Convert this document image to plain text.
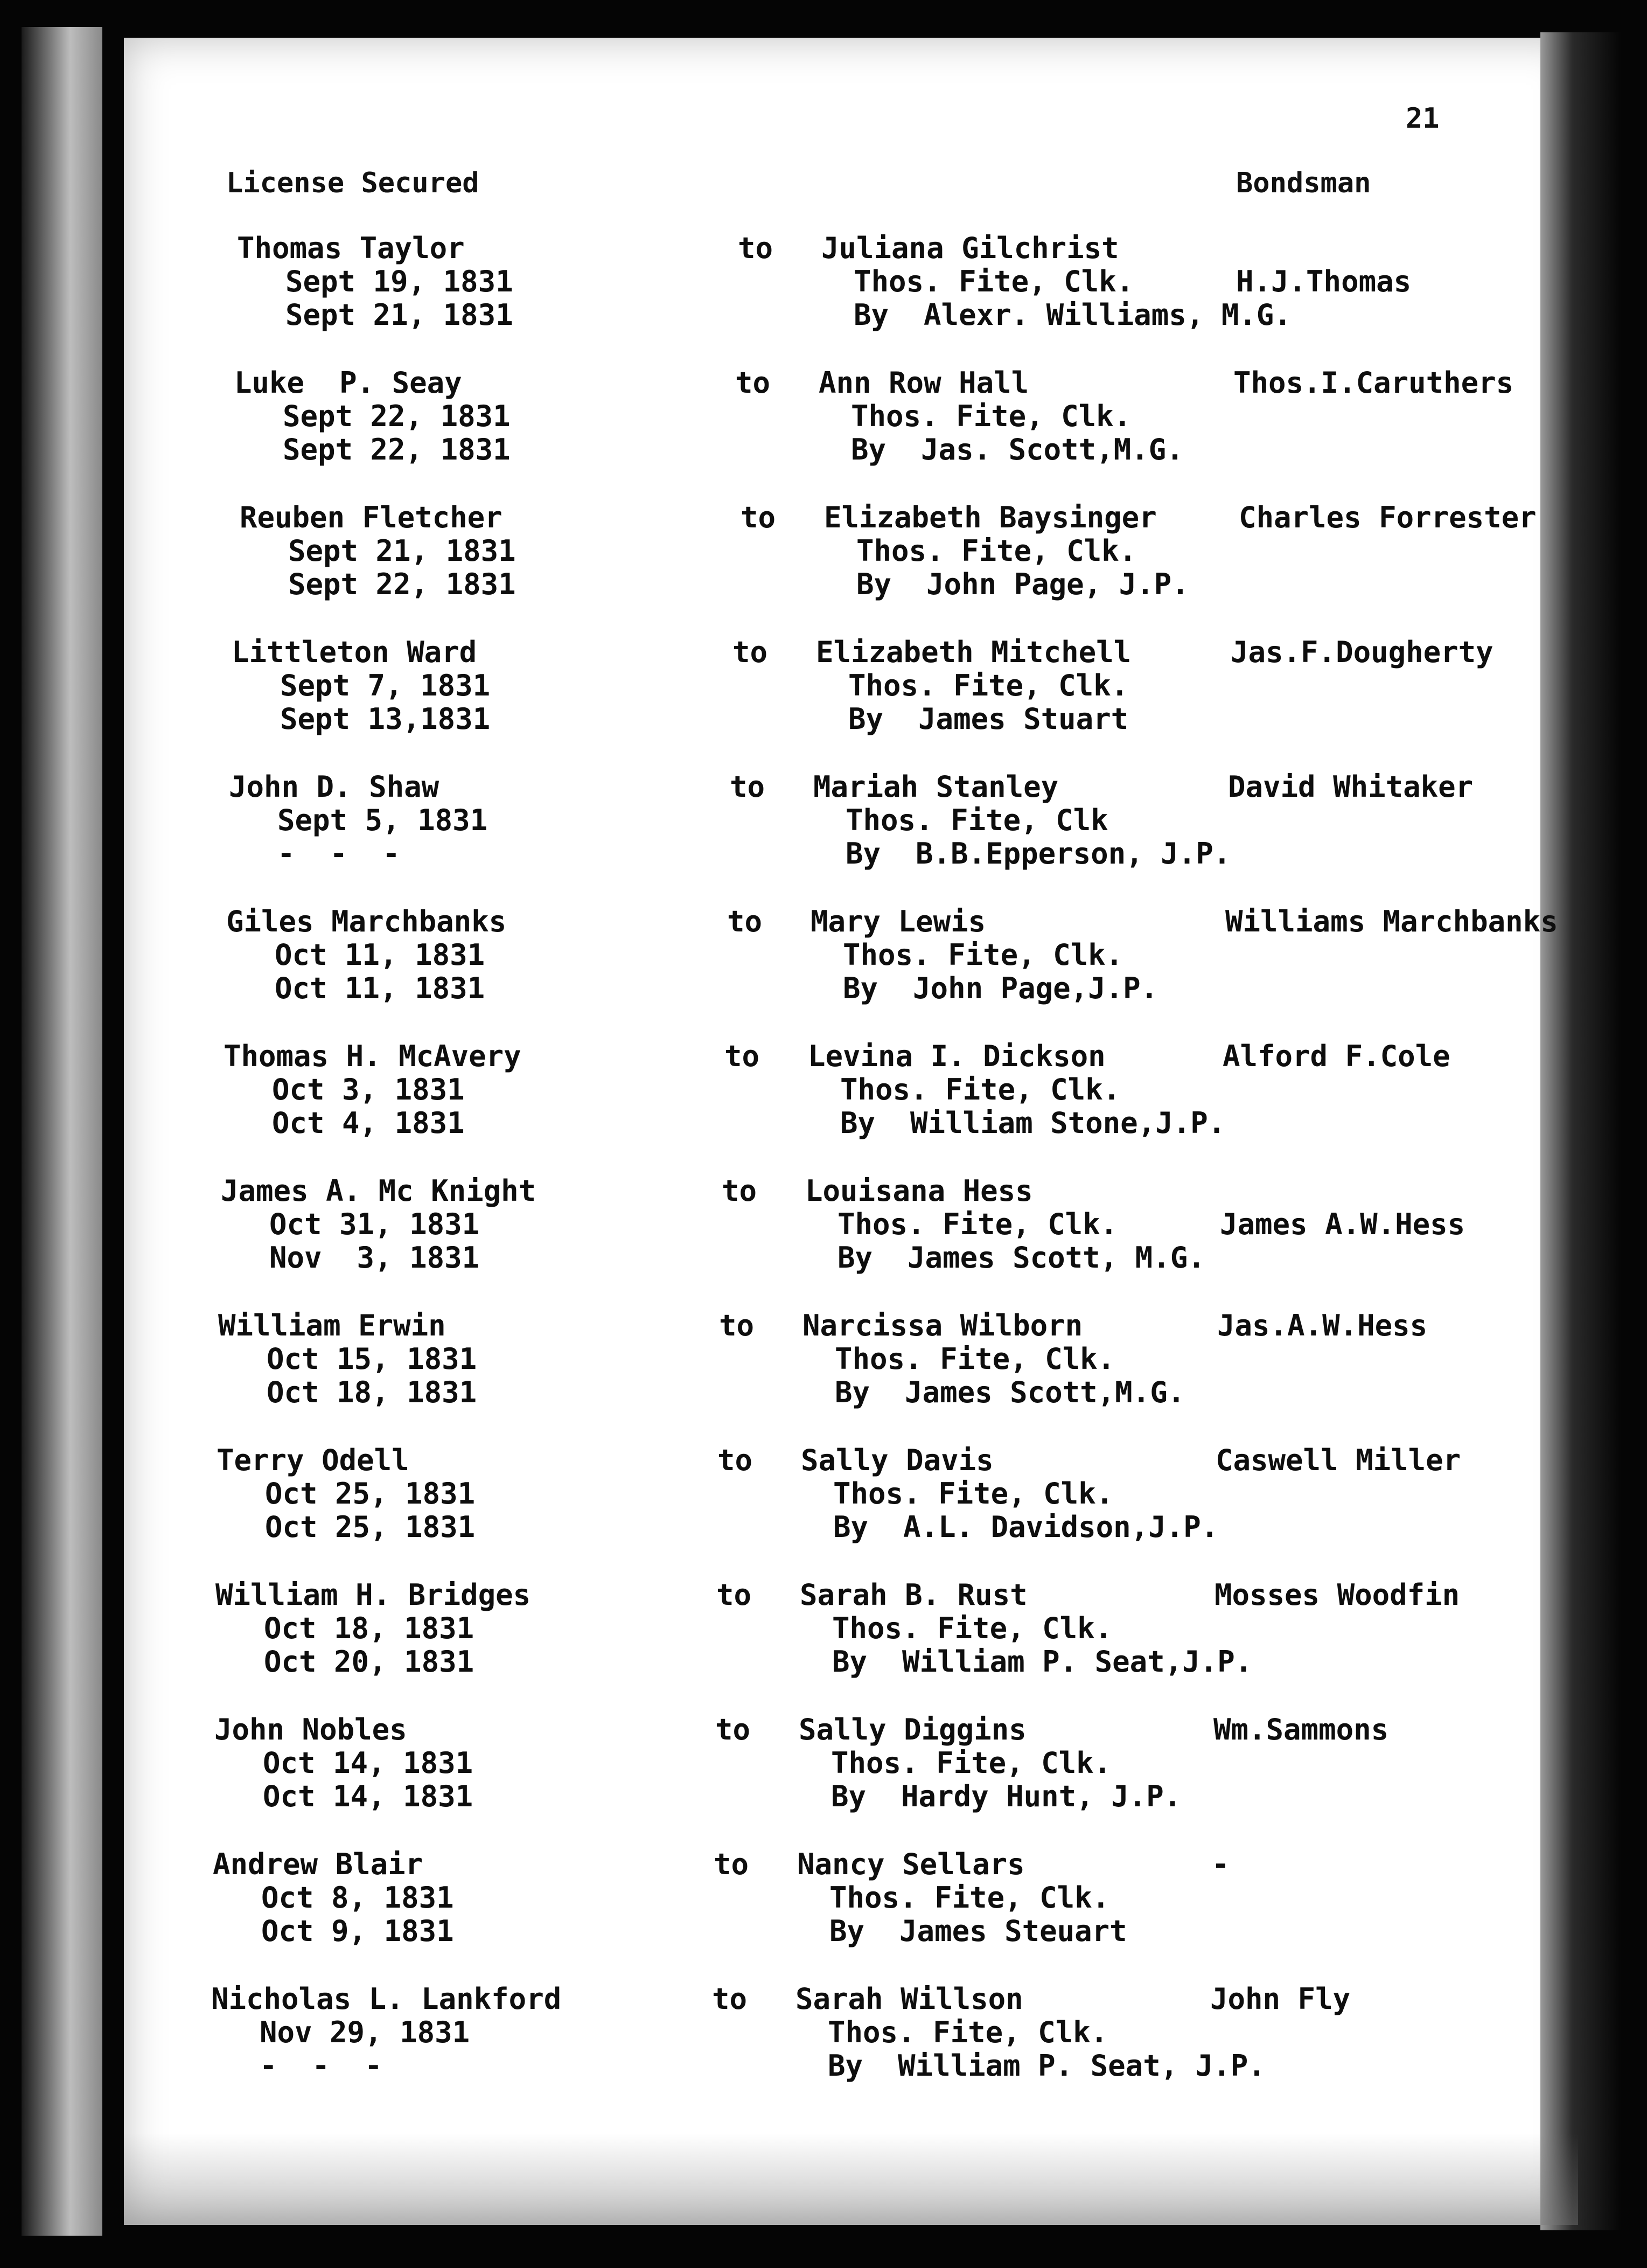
21
License Secured	Bondsman
Thomas Taylor
Sept 19, 1831
Sept 21, 1831
to Juliana Gilchrist
Thos. Fite, Clk.
By  Alexr. Williams, M.G.
H.J.Thomas
Luke  P. Seay
Sept 22, 1831
Sept 22, 1831
to Ann Row Hall
Thos. Fite, Clk.
By  Jas. Scott,M.G.
Thos.I.Caruthers
Reuben Fletcher
Sept 21, 1831
Sept 22, 1831
to Elizabeth Baysinger
Thos. Fite, Clk.
By  John Page, J.P.
Charles Forrester
Littleton Ward
Sept 7, 1831
Sept 13,1831
to Elizabeth Mitchell
Thos. Fite, Clk.
By  James Stuart
Jas.F.Dougherty
John D. Shaw
Sept 5, 1831
-  -  -
to Mariah Stanley
Thos. Fite, Clk
By  B.B.Epperson, J.P.
David Whitaker
Giles Marchbanks
Oct 11, 1831
Oct 11, 1831
to Mary Lewis
Thos. Fite, Clk.
By  John Page,J.P.
Williams Marchbanks
Thomas H. McAvery
Oct 3, 1831
Oct 4, 1831
to Levina I. Dickson
Thos. Fite, Clk.
By  William Stone,J.P.
Alford F.Cole
James A. Mc Knight
Oct 31, 1831
Nov  3, 1831
to Louisana Hess
Thos. Fite, Clk.
By  James Scott, M.G.
James A.W.Hess
William Erwin
Oct 15, 1831
Oct 18, 1831
to Narcissa Wilborn
Thos. Fite, Clk.
By  James Scott,M.G.
Jas.A.W.Hess
Terry Odell
Oct 25, 1831
Oct 25, 1831
to Sally Davis
Thos. Fite, Clk.
By  A.L. Davidson,J.P.
Caswell Miller
William H. Bridges
Oct 18, 1831
Oct 20, 1831
to Sarah B. Rust
Thos. Fite, Clk.
By  William P. Seat,J.P.
Mosses Woodfin
John Nobles
Oct 14, 1831
Oct 14, 1831
to Sally Diggins
Thos. Fite, Clk.
By  Hardy Hunt, J.P.
Wm.Sammons
Andrew Blair
Oct 8, 1831
Oct 9, 1831
to Nancy Sellars
Thos. Fite, Clk.
By  James Steuart
-
Nicholas L. Lankford
Nov 29, 1831
-  -  -
to Sarah Willson
Thos. Fite, Clk.
By  William P. Seat, J.P.
John Fly
